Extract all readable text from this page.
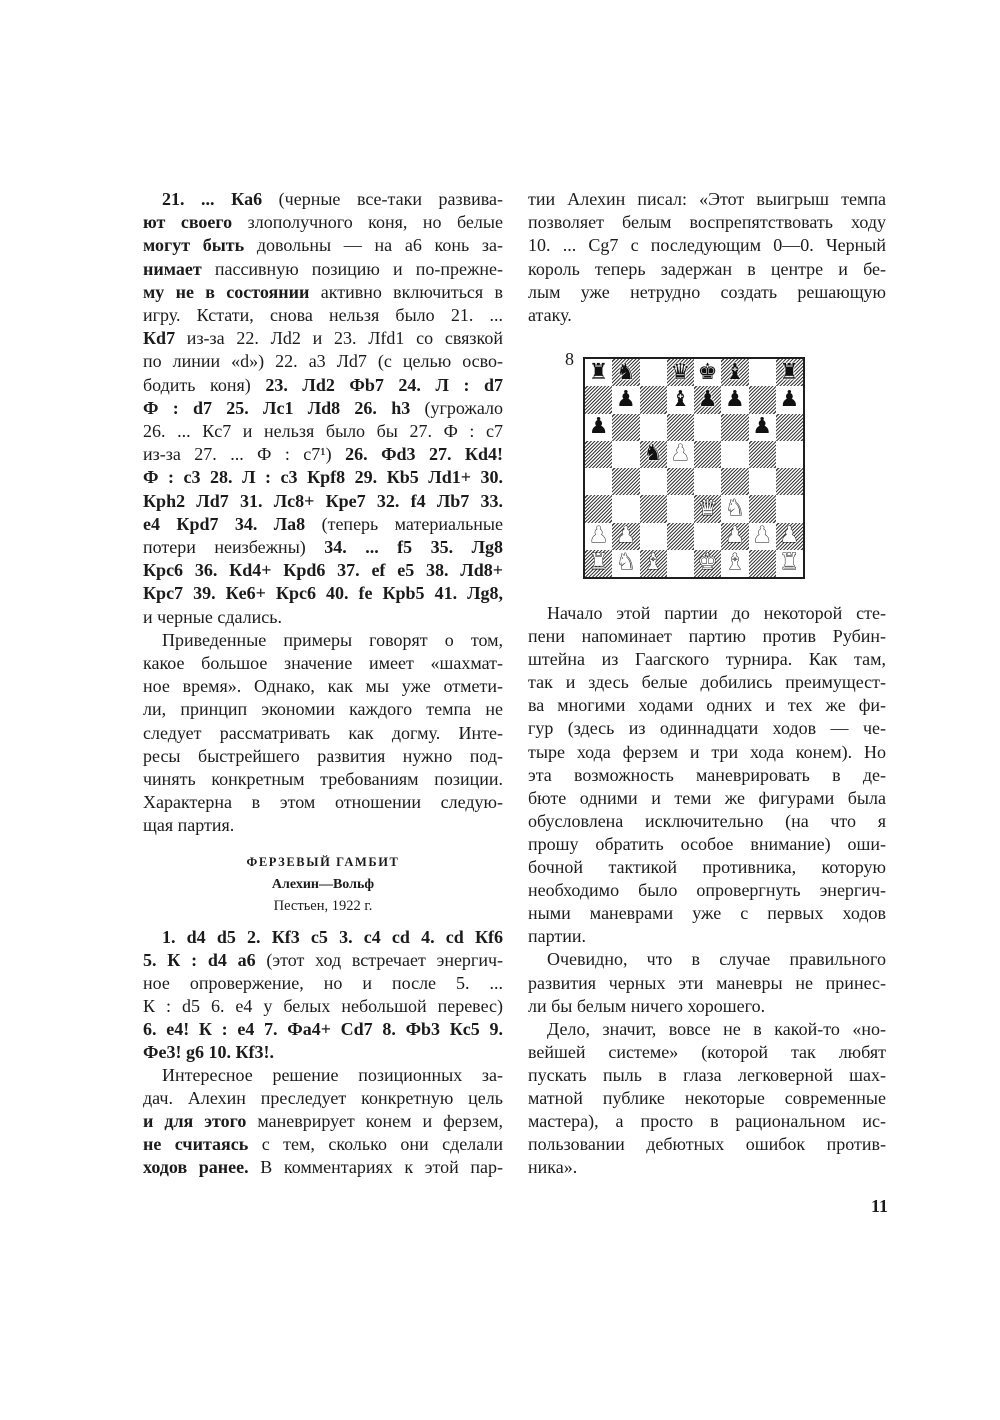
21. ... Кa6 (черные все-таки развива-
ют своего злополучного коня, но белые
могут быть довольны — на a6 конь за-
нимает пассивную позицию и по-прежне-
му не в состоянии активно включиться в
игру. Кстати, снова нельзя было 21. ...
Кd7 из-за 22. Лd2 и 23. Лfd1 со связкой
по линии «d») 22. a3 Лd7 (с целью осво-
бодить коня) 23. Лd2 Фb7 24. Л : d7
Ф : d7 25. Лc1 Лd8 26. h3 (угрожало
26. ... Кc7 и нельзя было бы 27. Ф : c7
из-за 27. ... Ф : c7¹) 26. Фd3 27. Кd4!
Ф : c3 28. Л : c3 Крf8 29. Кb5 Лd1+ 30.
Крh2 Лd7 31. Лc8+ Крe7 32. f4 Лb7 33.
e4 Крd7 34. Лa8 (теперь материальные
потери неизбежны) 34. ... f5 35. Лg8
Крc6 36. Кd4+ Крd6 37. ef e5 38. Лd8+
Крc7 39. Кe6+ Крc6 40. fe Крb5 41. Лg8,
и черные сдались.
Приведенные примеры говорят о том,
какое большое значение имеет «шахмат-
ное время». Однако, как мы уже отмети-
ли, принцип экономии каждого темпа не
следует рассматривать как догму. Инте-
ресы быстрейшего развития нужно под-
чинять конкретным требованиям позиции.
Характерна в этом отношении следую-
щая партия.
ФЕРЗЕВЫЙ ГАМБИТ
Алехин—Вольф
Пестьен, 1922 г.
1. d4 d5 2. Кf3 c5 3. c4 cd 4. cd Кf6
5. К : d4 a6 (этот ход встречает энергич-
ное опровержение, но и после 5. ...
К : d5 6. e4 у белых небольшой перевес)
6. e4! К : e4 7. Фa4+ Сd7 8. Фb3 Кc5 9.
Фe3! g6 10. Кf3!.
Интересное решение позиционных за-
дач. Алехин преследует конкретную цель
и для этого маневрирует конем и ферзем,
не считаясь с тем, сколько они сделали
ходов ранее. В комментариях к этой пар-
тии Алехин писал: «Этот выигрыш темпа
позволяет белым воспрепятствовать ходу
10. ... Сg7 с последующим 0—0. Черный
король теперь задержан в центре и бе-
лым уже нетрудно создать решающую
атаку.
8
♜ ♞ ♛ ♚ ♝ ♜
♟ ♝ ♟ ♟ ♟
♟	♟
♞ ♟
♛ ♞
♟ ♟	♟ ♟ ♟
♜ ♞ ♝ ♚ ♝ ♜
Начало этой партии до некоторой сте-
пени напоминает партию против Рубин-
штейна из Гаагского турнира. Как там,
так и здесь белые добились преимущест-
ва многими ходами одних и тех же фи-
гур (здесь из одиннадцати ходов — че-
тыре хода ферзем и три хода конем). Но
эта возможность маневрировать в де-
бюте одними и теми же фигурами была
обусловлена исключительно (на что я
прошу обратить особое внимание) оши-
бочной тактикой противника, которую
необходимо было опровергнуть энергич-
ными маневрами уже с первых ходов
партии.
Очевидно, что в случае правильного
развития черных эти маневры не принес-
ли бы белым ничего хорошего.
Дело, значит, вовсе не в какой-то «но-
вейшей системе» (которой так любят
пускать пыль в глаза легковерной шах-
матной публике некоторые современные
мастера), а просто в рациональном ис-
пользовании дебютных ошибок против-
ника».
11
